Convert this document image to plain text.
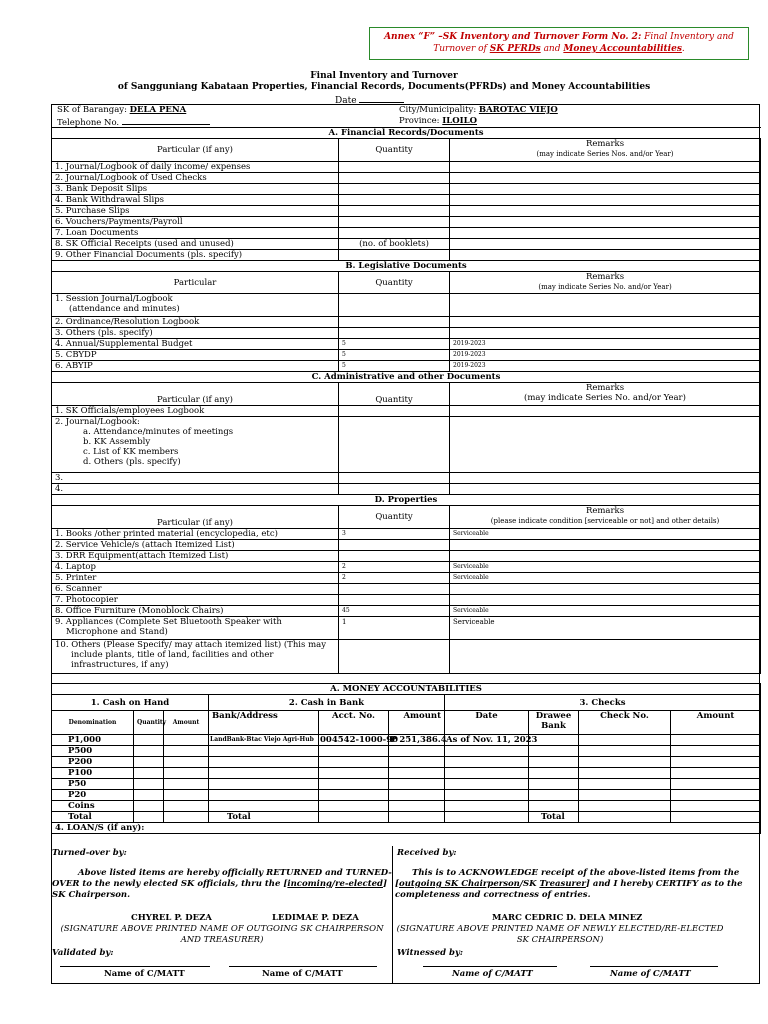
Annex “F” –SK Inventory and Turnover Form No. 2: Final Inventory and Turnover of SK PFRDs and Money Accountabilities.
Final Inventory and Turnover
of Sangguniang Kabataan Properties, Financial Records, Documents(PFRDs) and Money Accountabilities
Date
SK of Barangay: DELA PEÑA
Telephone No.
City/Municipality: BAROTAC VIEJO
Province: ILOILO
A. Financial Records/Documents		
Particular (if any)	Quantity	Remarks
(may indicate Series Nos. and/or Year)

1. Journal/Logbook of daily income/ expenses		
2. Journal/Logbook of Used Checks		
3. Bank Deposit Slips		
4. Bank Withdrawal Slips		
5. Purchase Slips		
6. Vouchers/Payments/Payroll		
7. Loan Documents		
8. SK Official Receipts (used and unused)	(no. of booklets)	
9. Other Financial Documents (pls. specify)		
B. Legislative Documents		
Particular	Quantity	Remarks
(may indicate Series No. and/or Year)

1. Session Journal/Logbook
(attendance and minutes)		

2. Ordinance/Resolution Logbook		
3. Others (pls. specify)		
4. Annual/Supplemental Budget	5	2019-2023
5. CBYDP	5	2019-2023
6. ABYIP	5	2019-2023
C. Administrative and other Documents		
Particular (if any)	Quantity	Remarks
(may indicate Series No. and/or Year)

1. SK Officials/employees Logbook		

2. Journal/Logbook:
a. Attendance/minutes of meetings
b. KK Assembly
c. List of KK members
d. Others (pls. specify)		

3.		
4.		
D. Properties		
Particular (if any)	Quantity	Remarks
(please indicate condition [serviceable or not] and other details)

1. Books /other printed material (encyclopedia, etc)	3	Serviceable
2. Service Vehicle/s (attach Itemized List)		
3. DRR Equipment(attach Itemized List)		
4. Laptop	2	Serviceable
5. Printer	2	Serviceable
6. Scanner		
7. Photocopier		
8. Office Furniture (Monoblock Chairs)	45	Serviceable

9. Appliances (Complete Set Bluetooth Speaker with
Microphone and Stand)	1	Serviceable

10. Others (Please Specify/ may attach itemized list) (This may
include plants, title of land, facilities and other
infrastructures, if any)		

A. MONEY ACCOUNTABILITIES									
1. Cash on Hand			2. Cash in Bank			3. Checks			
Denomination	Quantity	Amount	Bank/Address	Acct. No.	Amount	Date	Drawee
Bank	Check No.	Amount
P1,000			LandBank-Btac Viejo Agri-Hub	004542-1000-90	P 251,386.4	As of Nov. 11, 2023			
P500									
P200									
P100									
P50									
P20									
Coins									
Total			Total				Total		
4. LOAN/S (if any):									
Turned-over by:	Received by:
Above listed items are hereby officially RETURNED and TURNED-
OVER to the newly elected SK officials, thru the [incoming/re-elected]
SK Chairperson.
This is to ACKNOWLEDGE receipt of the above-listed items from the
[outgoing SK Chairperson/SK Treasurer] and I hereby CERTIFY as to the
completeness and correctness of entries.
CHYREL P. DEZA	LEDIMAE P. DEZA	MARC CEDRIC D. DELA MINEZ
(SIGNATURE ABOVE PRINTED NAME OF OUTGOING SK CHAIRPERSON
AND TREASURER)
(SIGNATURE ABOVE PRINTED NAME OF NEWLY ELECTED/RE-ELECTED
SK CHAIRPERSON)
Validated by:	Witnessed by:
Name of C/MATT	Name of C/MATT	Name of C/MATT	Name of C/MATT
